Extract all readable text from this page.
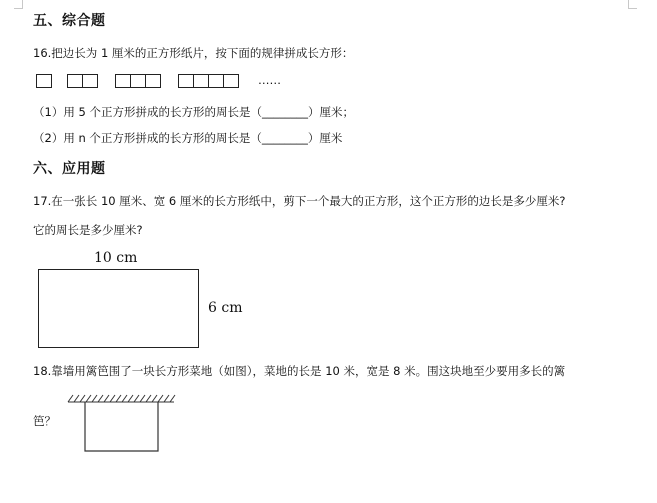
五、综合题
16.把边长为 1 厘米的正方形纸片，按下面的规律拼成长方形：
……
（1）用 5 个正方形拼成的长方形的周长是（________）厘米；
（2）用 n 个正方形拼成的长方形的周长是（________）厘米
六、应用题
17.在一张长 10 厘米、宽 6 厘米的长方形纸中，剪下一个最大的正方形，这个正方形的边长是多少厘米?
它的周长是多少厘米?
10 cm
6 cm
18.靠墙用篱笆围了一块长方形菜地（如图），菜地的长是 10 米，宽是 8 米。围这块地至少要用多长的篱
笆？
